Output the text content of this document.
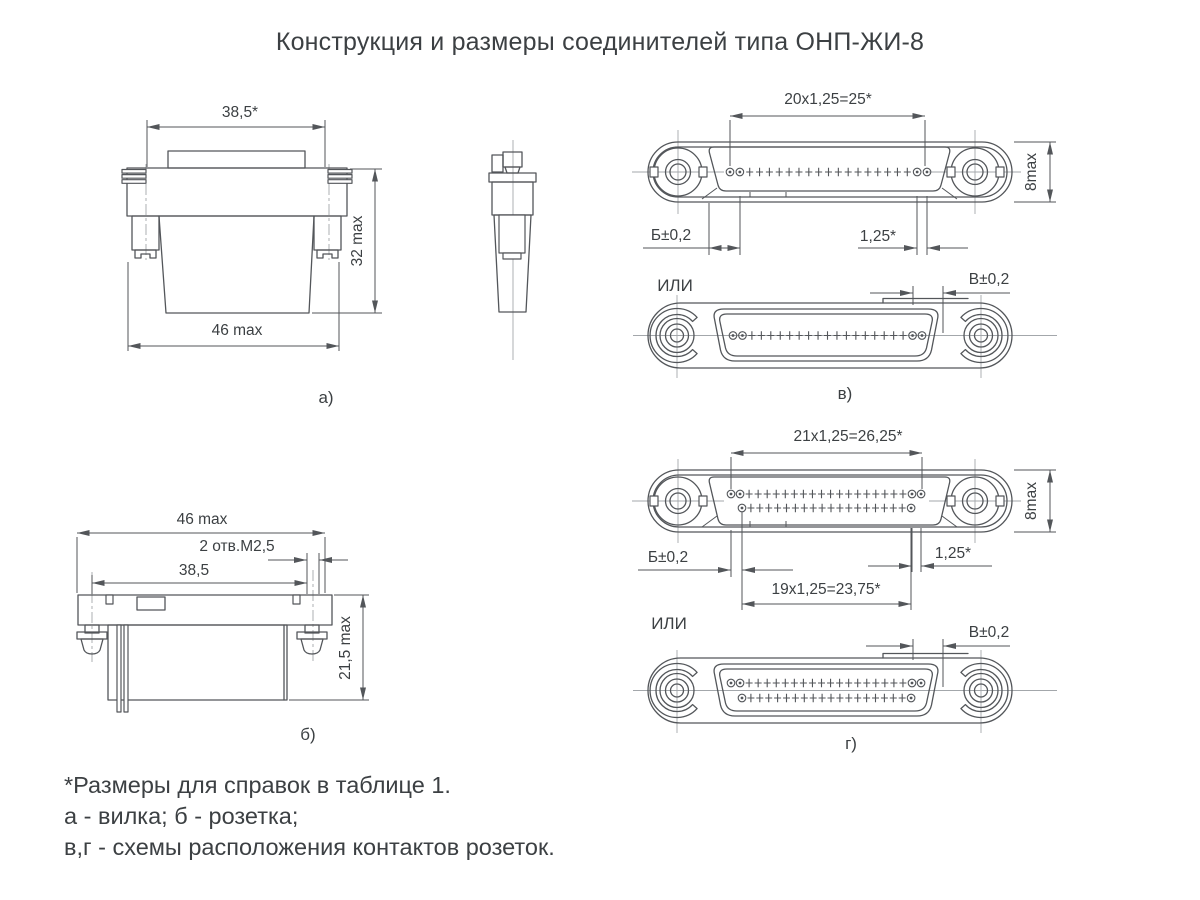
Конструкция и размеры соединителей типа ОНП-ЖИ-8
38,5*
32 max
46 max
а)
20х1,25=25*
Б±0,2	1,25*
8max
ИЛИ	В±0,2
в)
21х1,25=26,25*
Б±0,2	1,25*
19х1,25=23,75*
8max
ИЛИ	В±0,2
г)
46 max
2 отв.М2,5
38,5
21,5 max
б)
*Размеры для справок в таблице 1.
а - вилка; б - розетка;
в,г - схемы расположения контактов розеток.
